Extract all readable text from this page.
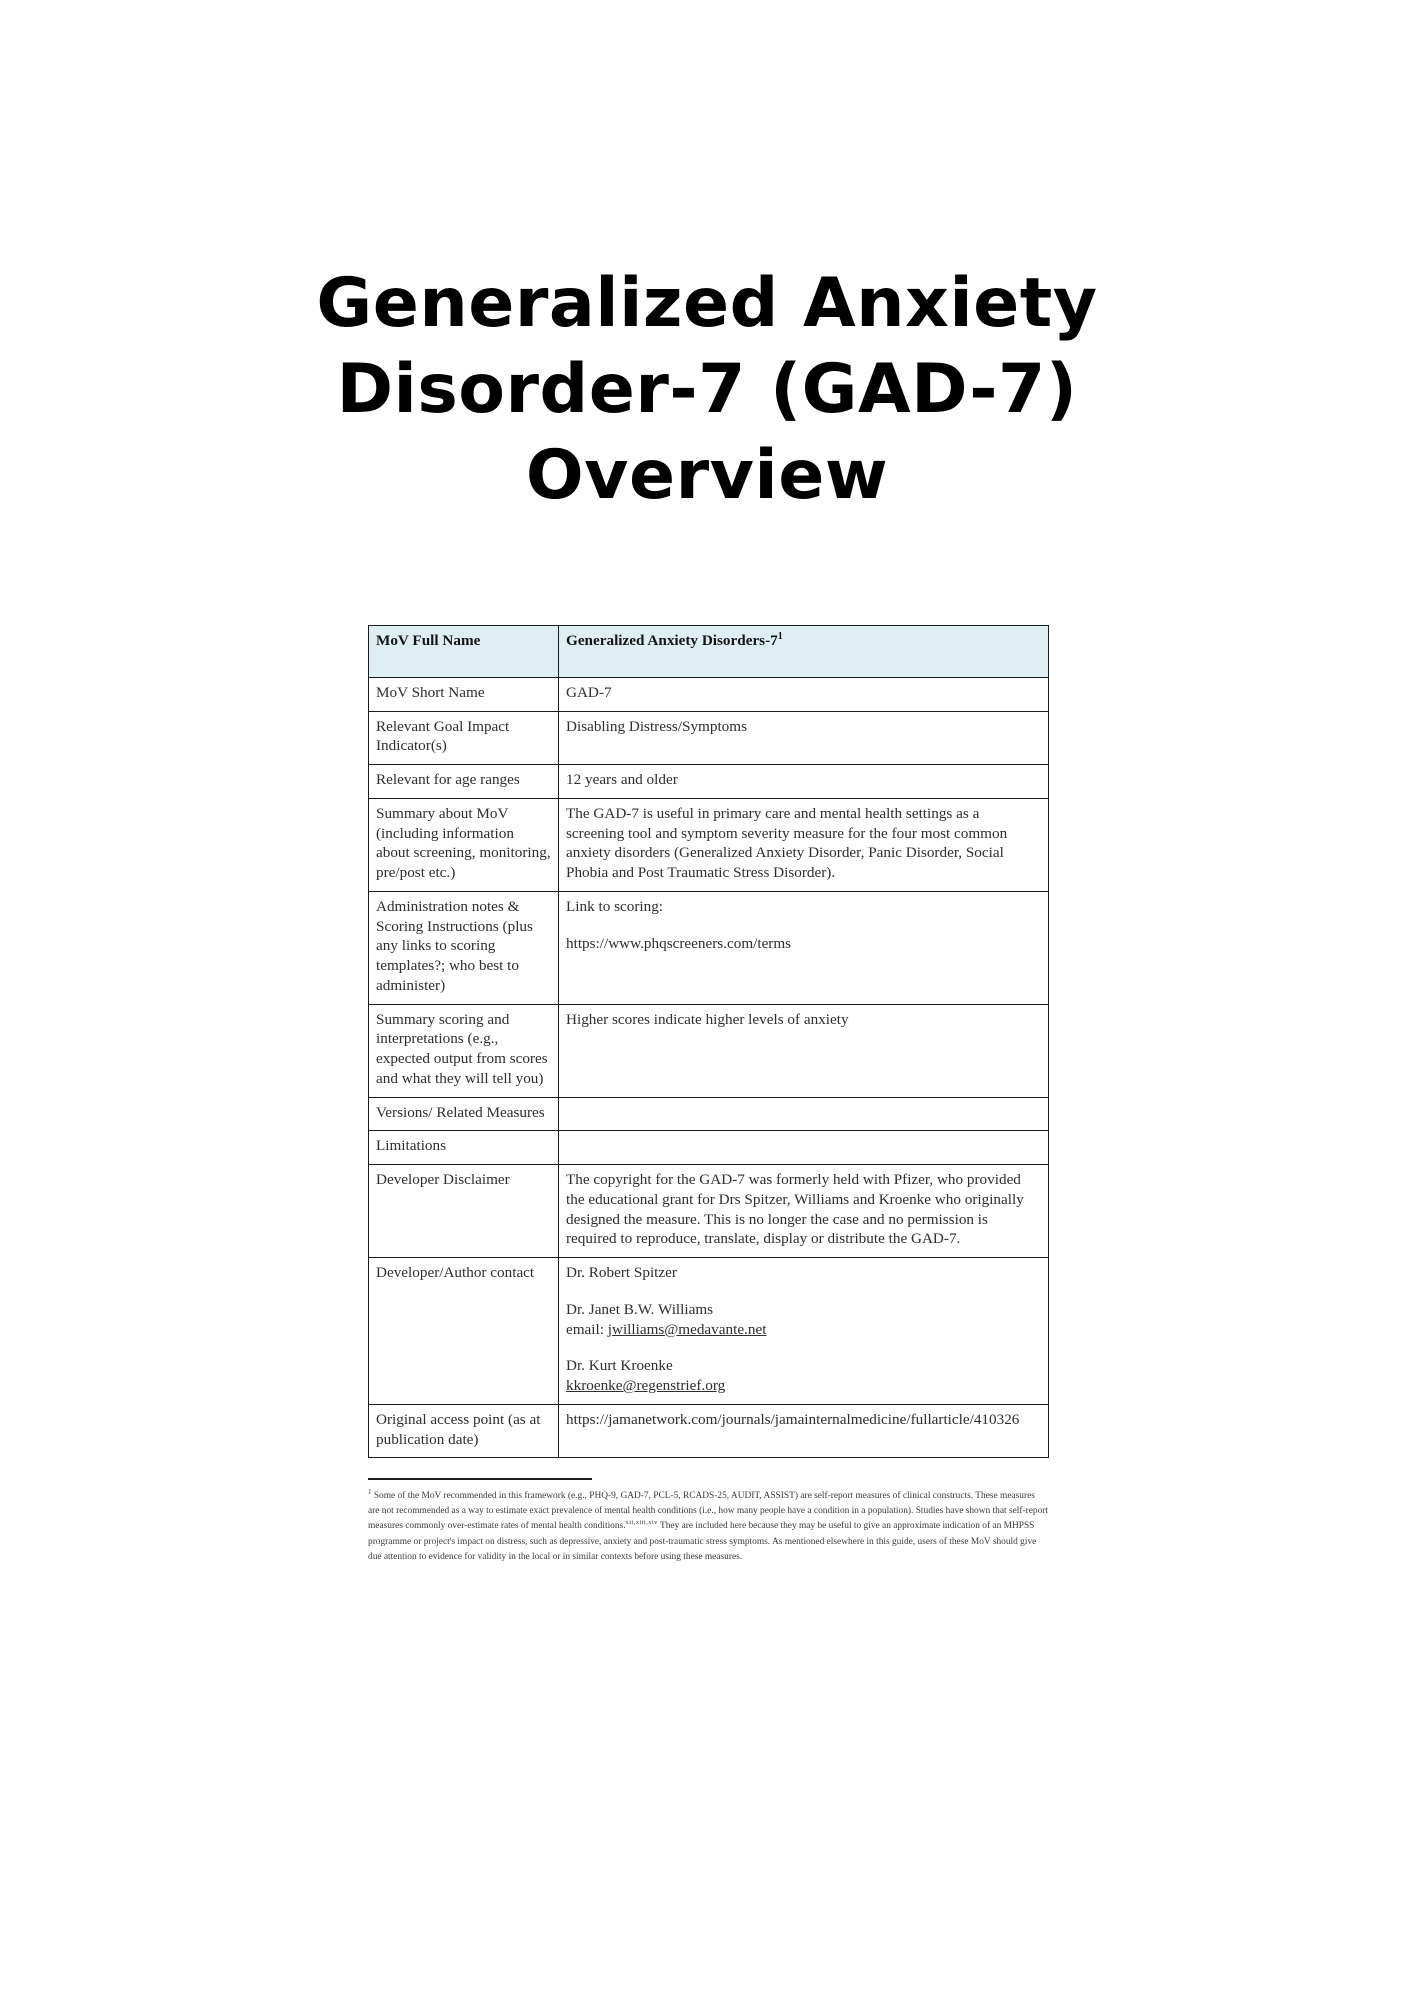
Generalized Anxiety Disorder-7 (GAD-7) Overview
MoV Full Name	Generalized Anxiety Disorders-$7^1$
MoV Short Name	GAD-7
Relevant Goal Impact Indicator(s)	Disabling Distress/Symptoms
Relevant for age ranges	12 years and older
Summary about MoV (including information about screening, monitoring, pre/post etc.)	The GAD-7 is useful in primary care and mental health settings as a screening tool and symptom severity measure for the four most common anxiety disorders (Generalized Anxiety Disorder, Panic Disorder, Social Phobia and Post Traumatic Stress Disorder).
Administration notes & Scoring Instructions (plus any links to scoring templates?; who best to administer)	Link to scoring:
https://www.phqscreeners.com/terms
Summary scoring and interpretations (e.g., expected output from scores and what they will tell you)	Higher scores indicate higher levels of anxiety
Versions/ Related Measures	
Limitations	
Developer Disclaimer	The copyright for the GAD-7 was formerly held with Pfizer, who provided the educational grant for Drs Spitzer, Williams and Kroenke who originally designed the measure. This is no longer the case and no permission is required to reproduce, translate, display or distribute the GAD-7.
Developer/Author contact	Dr. Robert Spitzer
Dr. Janet B.W. Williams
email: jwilliams@medavante.net
Dr. Kurt Kroenke
kkroenke@regenstrief.org
Original access point (as at publication date)	https://jamanetwork.com/journals/jamainternalmedicine/fullarticle/410326
$^1$ Some of the MoV recommended in this framework (e.g., PHQ-9, GAD-7, PCL-5, RCADS-25, AUDIT, ASSIST) are self-report measures of clinical constructs. These measures are not recommended as a way to estimate exact prevalence of mental health conditions (i.e., how many people have a condition in a population). Studies have shown that self-report measures commonly over-estimate rates of mental health conditions.$^{xii,xiii,xiv}$ They are included here because they may be useful to give an approximate indication of an MHPSS programme or project's impact on distress, such as depressive, anxiety and post-traumatic stress symptoms. As mentioned elsewhere in this guide, users of these MoV should give due attention to evidence for validity in the local or in similar contexts before using these measures.
